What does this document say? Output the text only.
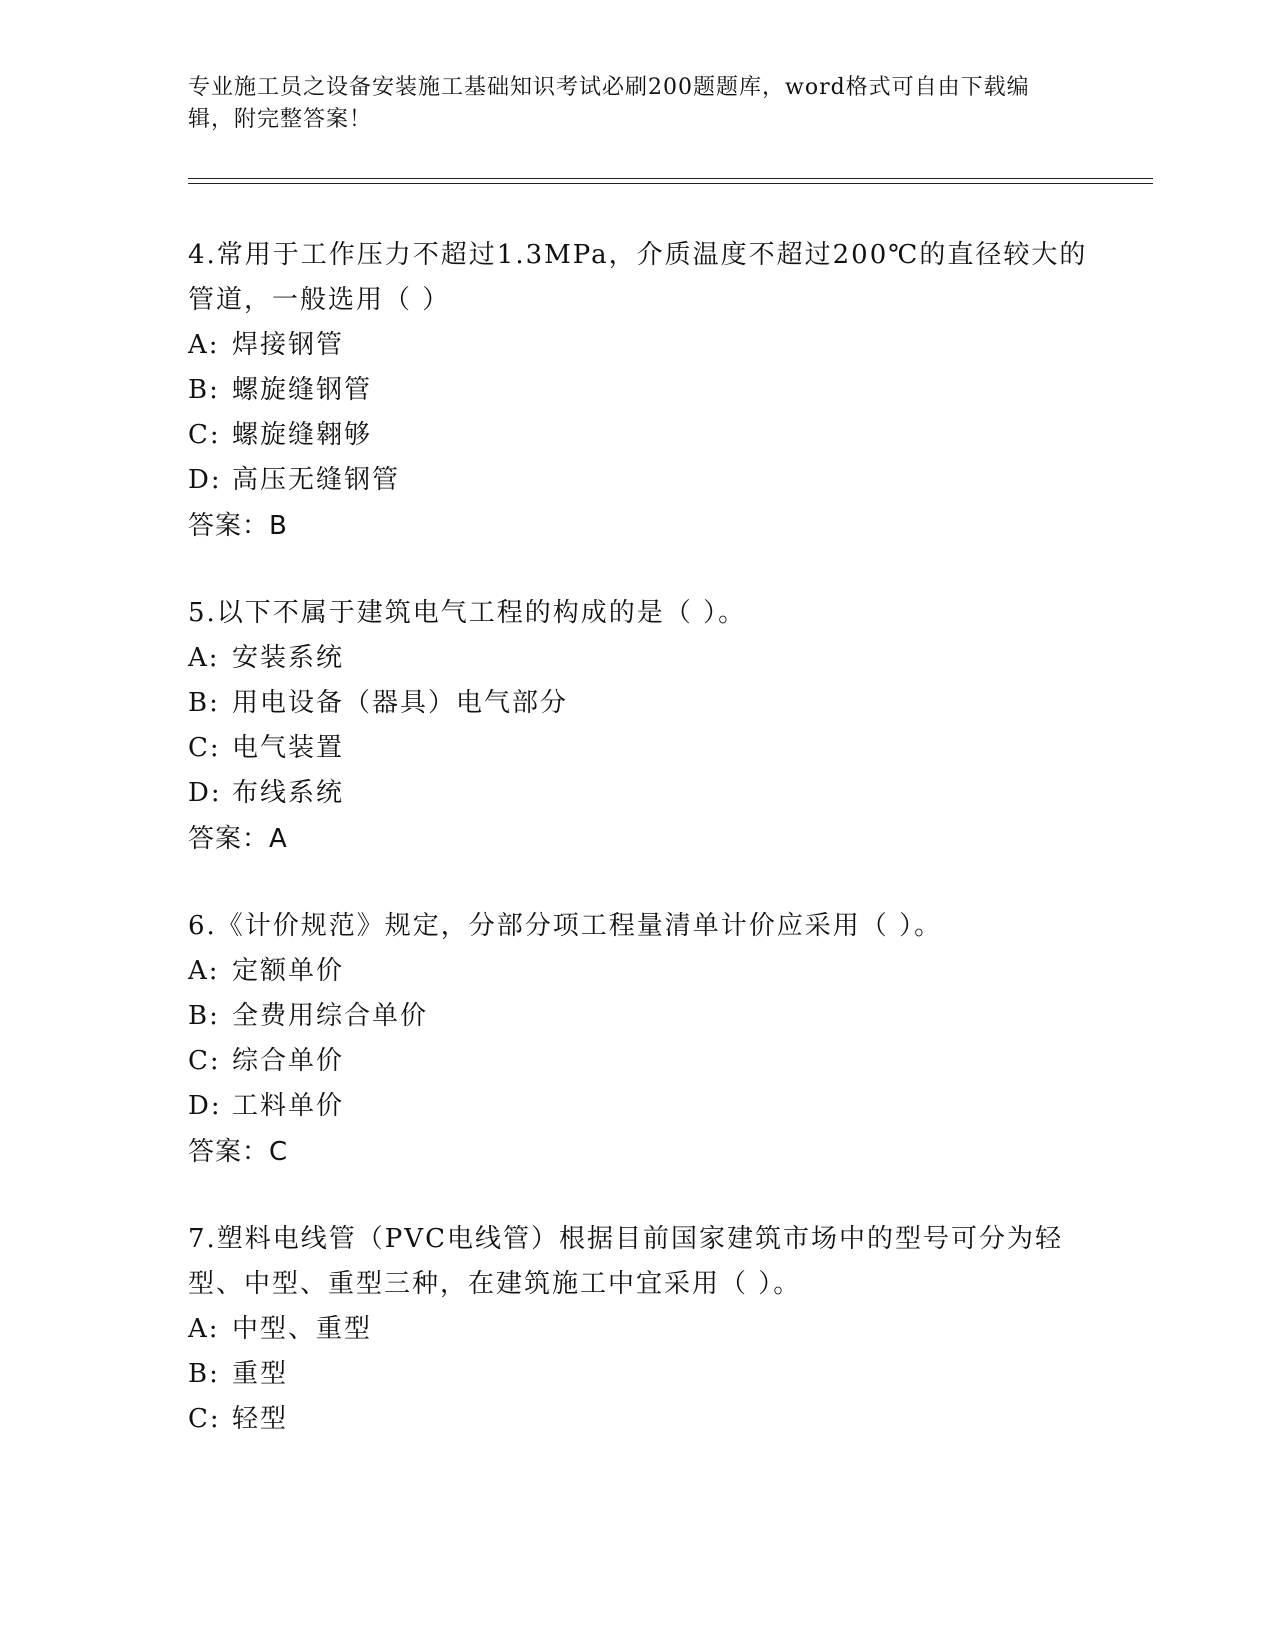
专业施工员之设备安装施工基础知识考试必刷200题题库，word格式可自由下载编辑，附完整答案！

4.常用于工作压力不超过1.3MPa，介质温度不超过200℃的直径较大的管道，一般选用（ ）

A: 焊接钢管

B: 螺旋缝钢管

C: 螺旋缝翱够

D: 高压无缝钢管

答案：B

5.以下不属于建筑电气工程的构成的是（ ）。

A: 安装系统

B: 用电设备（器具）电气部分

C: 电气装置

D: 布线系统

答案：A

6.《计价规范》规定，分部分项工程量清单计价应采用（ ）。

A: 定额单价

B: 全费用综合单价

C: 综合单价

D: 工料单价

答案：C

7.塑料电线管（PVC电线管）根据目前国家建筑市场中的型号可分为轻型、中型、重型三种，在建筑施工中宜采用（ ）。

A: 中型、重型

B: 重型

C: 轻型
